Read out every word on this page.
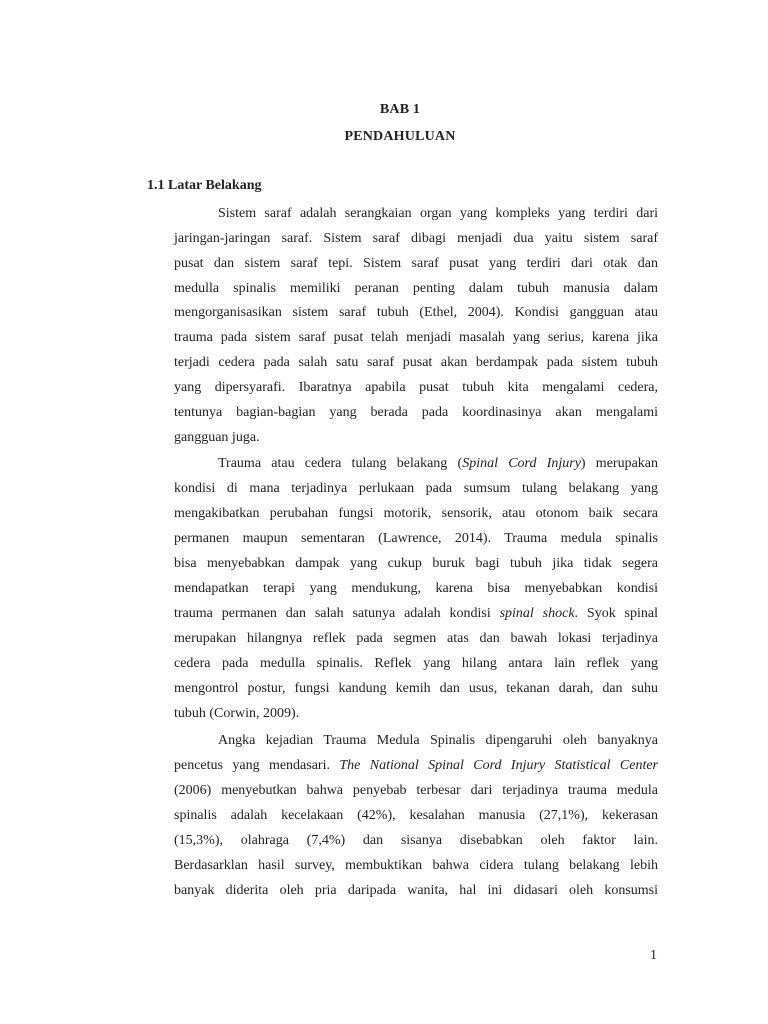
BAB 1
PENDAHULUAN
1.1 Latar Belakang
Sistem saraf adalah serangkaian organ yang kompleks yang terdiri dari
jaringan-jaringan saraf. Sistem saraf dibagi menjadi dua yaitu sistem saraf
pusat dan sistem saraf tepi. Sistem saraf pusat yang terdiri dari otak dan
medulla spinalis memiliki peranan penting dalam tubuh manusia dalam
mengorganisasikan sistem saraf tubuh (Ethel, 2004). Kondisi gangguan atau
trauma pada sistem saraf pusat telah menjadi masalah yang serius, karena jika
terjadi cedera pada salah satu saraf pusat akan berdampak pada sistem tubuh
yang dipersyarafi. Ibaratnya apabila pusat tubuh kita mengalami cedera,
tentunya bagian-bagian yang berada pada koordinasinya akan mengalami
gangguan juga.
Trauma atau cedera tulang belakang (Spinal Cord Injury) merupakan
kondisi di mana terjadinya perlukaan pada sumsum tulang belakang yang
mengakibatkan perubahan fungsi motorik, sensorik, atau otonom baik secara
permanen maupun sementaran (Lawrence, 2014). Trauma medula spinalis
bisa menyebabkan dampak yang cukup buruk bagi tubuh jika tidak segera
mendapatkan terapi yang mendukung, karena bisa menyebabkan kondisi
trauma permanen dan salah satunya adalah kondisi spinal shock. Syok spinal
merupakan hilangnya reflek pada segmen atas dan bawah lokasi terjadinya
cedera pada medulla spinalis. Reflek yang hilang antara lain reflek yang
mengontrol postur, fungsi kandung kemih dan usus, tekanan darah, dan suhu
tubuh (Corwin, 2009).
Angka kejadian Trauma Medula Spinalis dipengaruhi oleh banyaknya
pencetus yang mendasari. The National Spinal Cord Injury Statistical Center
(2006) menyebutkan bahwa penyebab terbesar dari terjadinya trauma medula
spinalis adalah kecelakaan (42%), kesalahan manusia (27,1%), kekerasan
(15,3%), olahraga (7,4%) dan sisanya disebabkan oleh faktor lain.
Berdasarklan hasil survey, membuktikan bahwa cidera tulang belakang lebih
banyak diderita oleh pria daripada wanita, hal ini didasari oleh konsumsi
1
